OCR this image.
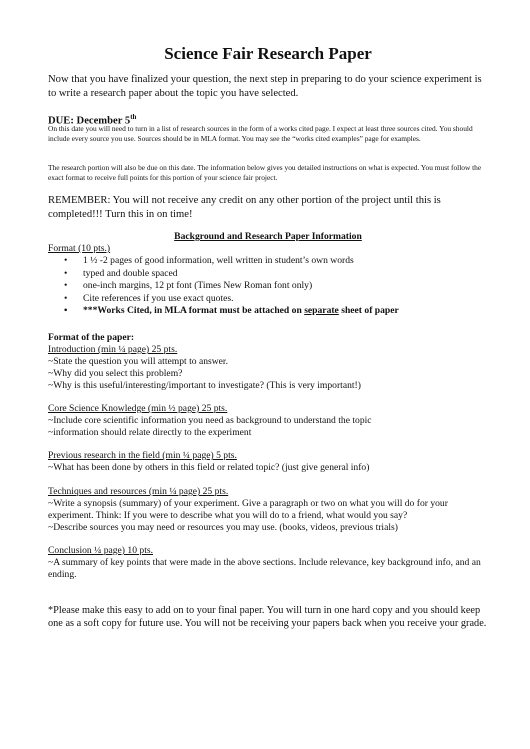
Science Fair Research Paper

Now that you have finalized your question, the next step in preparing to do your science experiment is to write a research paper about the topic you have selected.

DUE: December 5th

On this date you will need to turn in a list of research sources in the form of a works cited page. I expect at least three sources cited. You should include every source you use. Sources should be in MLA format. You may see the “works cited examples” page for examples.

The research portion will also be due on this date. The information below gives you detailed instructions on what is expected. You must follow the exact format to receive full points for this portion of your science fair project.

REMEMBER: You will not receive any credit on any other portion of the project until this is completed!!! Turn this in on time!

Background and Research Paper Information

Format (10 pts.)
• 1 ½ -2 pages of good information, well written in student’s own words
• typed and double spaced
• one-inch margins, 12 pt font (Times New Roman font only)
• Cite references if you use exact quotes.
• ***Works Cited, in MLA format must be attached on separate sheet of paper

Format of the paper:

Introduction (min ¼ page) 25 pts.
~State the question you will attempt to answer.
~Why did you select this problem?
~Why is this useful/interesting/important to investigate? (This is very important!)
Core Science Knowledge (min ½ page) 25 pts.
~Include core scientific information you need as background to understand the topic
~information should relate directly to the experiment
Previous research in the field (min ¼ page) 5 pts.
~What has been done by others in this field or related topic? (just give general info)
Techniques and resources (min ¼ page) 25 pts.
~Write a synopsis (summary) of your experiment. Give a paragraph or two on what you will do for your experiment. Think: If you were to describe what you will do to a friend, what would you say?
~Describe sources you may need or resources you may use. (books, videos, previous trials)
Conclusion ¼ page) 10 pts.
~A summary of key points that were made in the above sections. Include relevance, key background info, and an ending.

*Please make this easy to add on to your final paper. You will turn in one hard copy and you should keep one as a soft copy for future use. You will not be receiving your papers back when you receive your grade.
